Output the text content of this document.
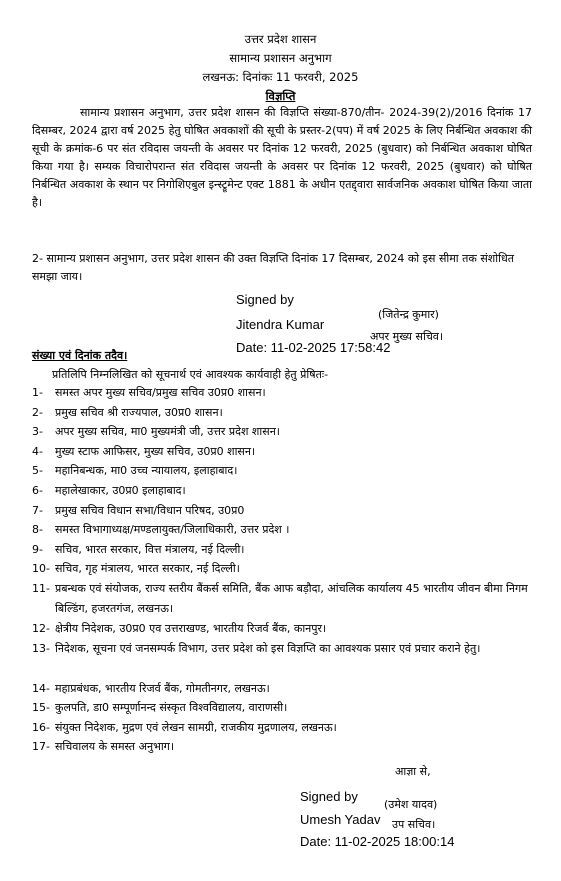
उत्तर प्रदेश शासन
सामान्य प्रशासन अनुभाग
लखनऊ: दिनांकः 11 फरवरी, 2025
विज्ञप्ति
सामान्य प्रशासन अनुभाग, उत्तर प्रदेश शासन की विज्ञप्ति संख्या-870/तीन- 2024-39(2)/2016 दिनांक 17 दिसम्बर, 2024 द्वारा वर्ष 2025 हेतु घोषित अवकाशों की सूची के प्रस्तर-2(पप) में वर्ष 2025 के लिए निर्बन्धित अवकाश की सूची के क्रमांक-6 पर संत रविदास जयन्ती के अवसर पर दिनांक 12 फरवरी, 2025 (बुधवार) को निर्बन्धित अवकाश घोषित किया गया है। सम्यक विचारोपरान्त संत रविदास जयन्ती के अवसर पर दिनांक 12 फरवरी, 2025 (बुधवार) को घोषित निर्बन्धित अवकाश के स्थान पर निगोशिएबुल इन्स्ट्रूमेन्ट एक्ट 1881 के अधीन एतद्द्वारा सार्वजनिक अवकाश घोषित किया जाता है।
2- सामान्य प्रशासन अनुभाग, उत्तर प्रदेश शासन की उक्त विज्ञप्ति दिनांक 17 दिसम्बर, 2024 को इस सीमा तक संशोधित समझा जाय।
Signed by
Jitendra Kumar
Date: 11-02-2025 17:58:42
(जितेन्द्र कुमार)
अपर मुख्य सचिव।
संख्या एवं दिनांक तदैव।
प्रतिलिपि निम्नलिखित को सूचनार्थ एवं आवश्यक कार्यवाही हेतु प्रेषितः-
1- समस्त अपर मुख्य सचिव/प्रमुख सचिव उ0प्र0 शासन।
2- प्रमुख सचिव श्री राज्यपाल, उ0प्र0 शासन।
3- अपर मुख्य सचिव, मा0 मुख्यमंत्री जी, उत्तर प्रदेश शासन।
4- मुख्य स्टाफ आफिसर, मुख्य सचिव, उ0प्र0 शासन।
5- महानिबन्धक, मा0 उच्च न्यायालय, इलाहाबाद।
6- महालेखाकार, उ0प्र0 इलाहाबाद।
7- प्रमुख सचिव विधान सभा/विधान परिषद, उ0प्र0
8- समस्त विभागाध्यक्ष/मण्डलायुक्त/जिलाधिकारी, उत्तर प्रदेश ।
9- सचिव, भारत सरकार, वित्त मंत्रालय, नई दिल्ली।
10- सचिव, गृह मंत्रालय, भारत सरकार, नई दिल्ली।
11- प्रबन्धक एवं संयोजक, राज्य स्तरीय बैंकर्स समिति, बैंक आफ बड़ौदा, आंचलिक कार्यालय 45 भारतीय जीवन बीमा निगम बिल्डिंग, हजरतगंज, लखनऊ।
12- क्षेत्रीय निदेशक, उ0प्र0 एव उत्तराखण्ड, भारतीय रिजर्व बैंक, कानपुर।
13- निदेशक, सूचना एवं जनसम्पर्क विभाग, उत्तर प्रदेश को इस विज्ञप्ति का आवश्यक प्रसार एवं प्रचार कराने हेतु।
14- महाप्रबंधक, भारतीय रिजर्व बैंक, गोमतीनगर, लखनऊ।
15- कुलपति, डा0 सम्पूर्णानन्द संस्कृत विश्वविद्यालय, वाराणसी।
16- संयुक्त निदेशक, मुद्रण एवं लेखन सामग्री, राजकीय मुद्रणालय, लखनऊ।
17- सचिवालय के समस्त अनुभाग।
आज्ञा से,
Signed by
Umesh Yadav
Date: 11-02-2025 18:00:14
(उमेश यादव)
उप सचिव।
